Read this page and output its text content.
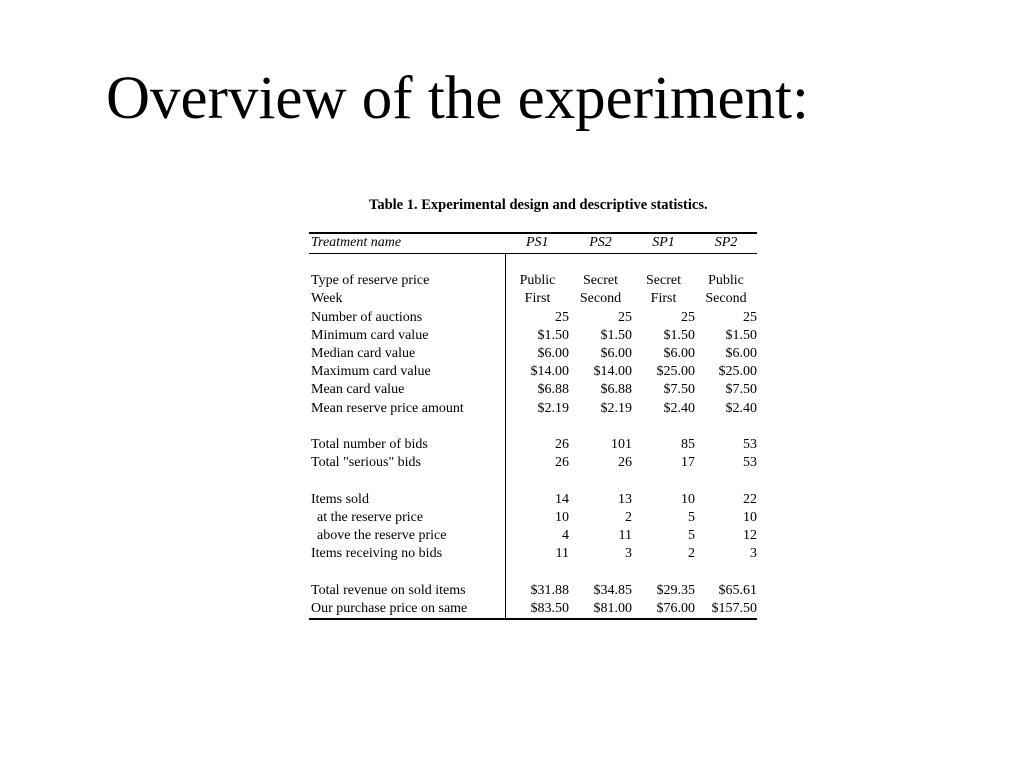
Overview of the experiment:
Table 1. Experimental design and descriptive statistics.
Treatment name	PS1	PS2	SP1	SP2

Type of reserve price	Public	Secret	Secret	Public
Week	First	Second	First	Second
Number of auctions	25	25	25	25
Minimum card value	$1.50	$1.50	$1.50	$1.50
Median card value	$6.00	$6.00	$6.00	$6.00
Maximum card value	$14.00	$14.00	$25.00	$25.00
Mean card value	$6.88	$6.88	$7.50	$7.50
Mean reserve price amount	$2.19	$2.19	$2.40	$2.40

Total number of bids	26	101	85	53
Total "serious" bids	26	26	17	53

Items sold	14	13	10	22
at the reserve price	10	2	5	10
above the reserve price	4	11	5	12
Items receiving no bids	11	3	2	3

Total revenue on sold items	$31.88	$34.85	$29.35	$65.61
Our purchase price on same	$83.50	$81.00	$76.00	$157.50
